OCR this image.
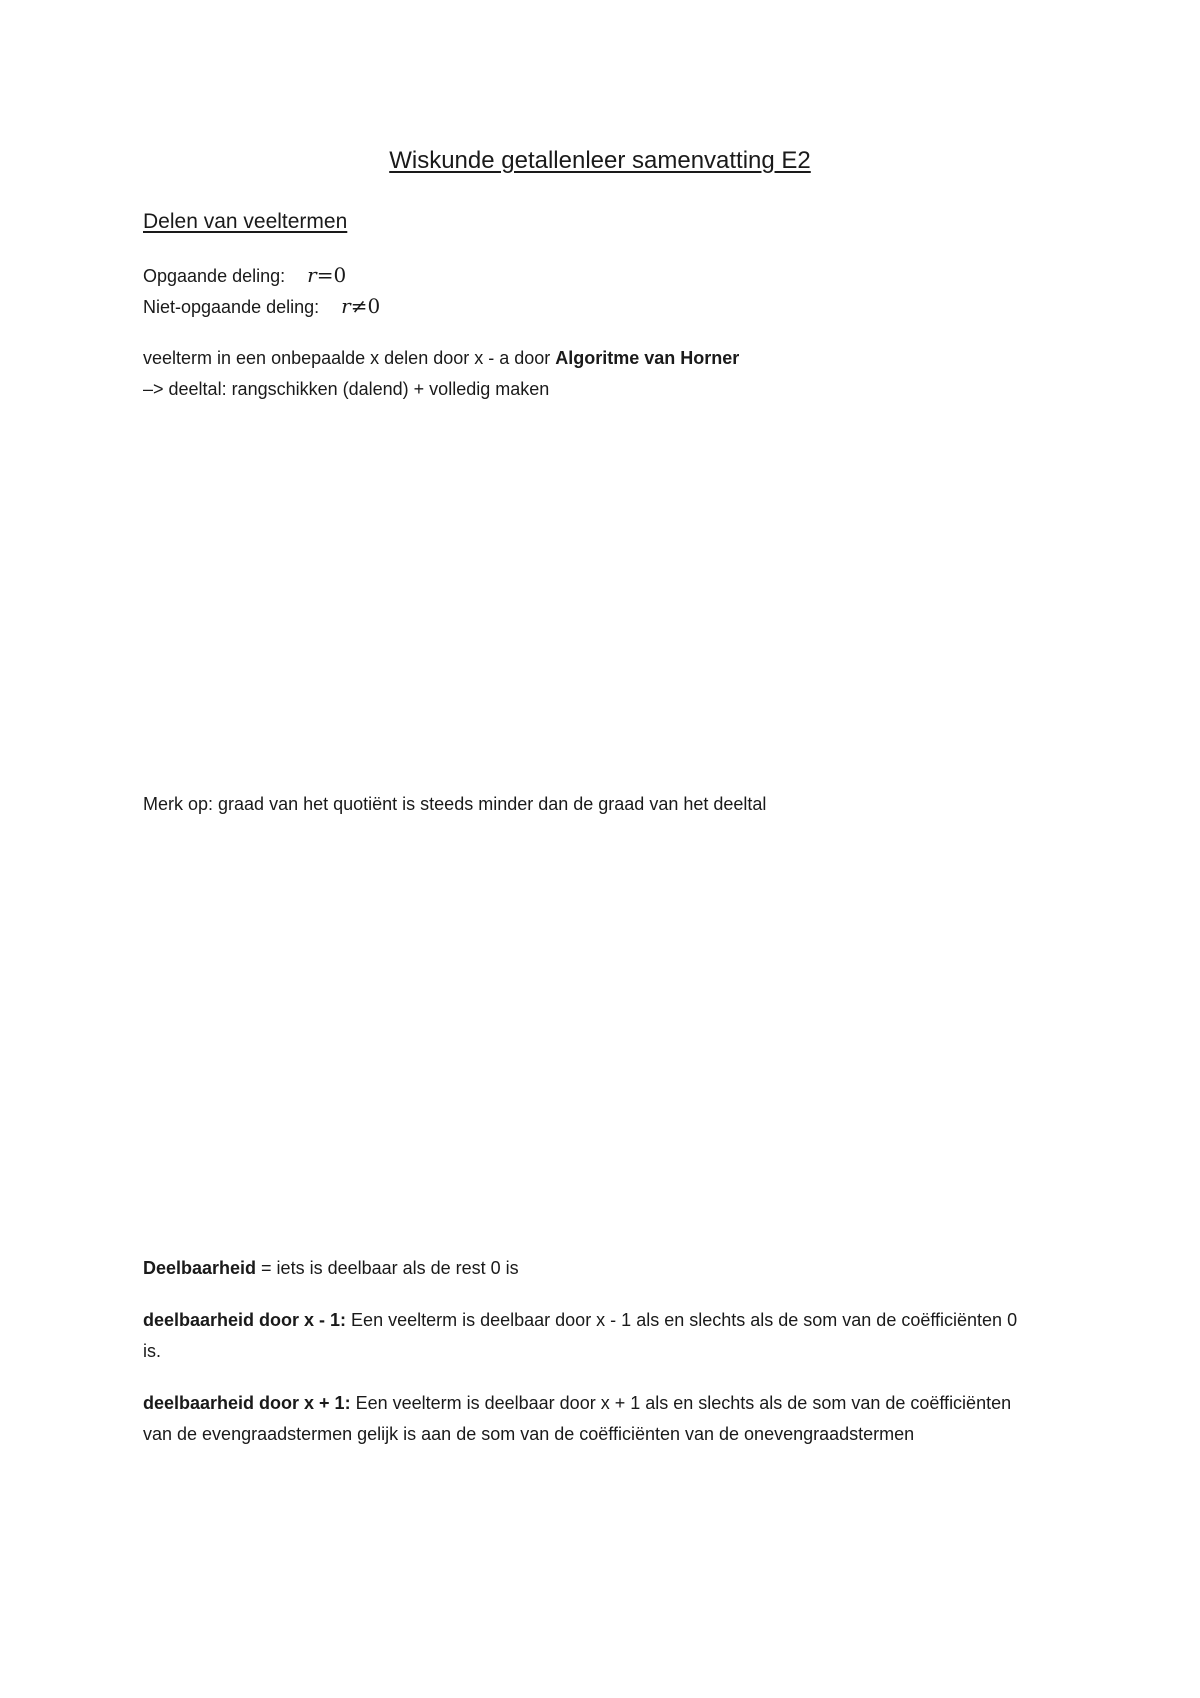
Wiskunde getallenleer samenvatting E2
Delen van veeltermen
Opgaande deling: r=0
Niet-opgaande deling: r≠0
veelterm in een onbepaalde x delen door x - a door Algoritme van Horner
–> deeltal: rangschikken (dalend) + volledig maken
Merk op: graad van het quotiënt is steeds minder dan de graad van het deeltal
Deelbaarheid = iets is deelbaar als de rest 0 is
deelbaarheid door x - 1: Een veelterm is deelbaar door x - 1 als en slechts als de som van de coëfficiënten 0 is.
deelbaarheid door x + 1: Een veelterm is deelbaar door x + 1 als en slechts als de som van de coëfficiënten van de evengraadstermen gelijk is aan de som van de coëfficiënten van de onevengraadstermen
